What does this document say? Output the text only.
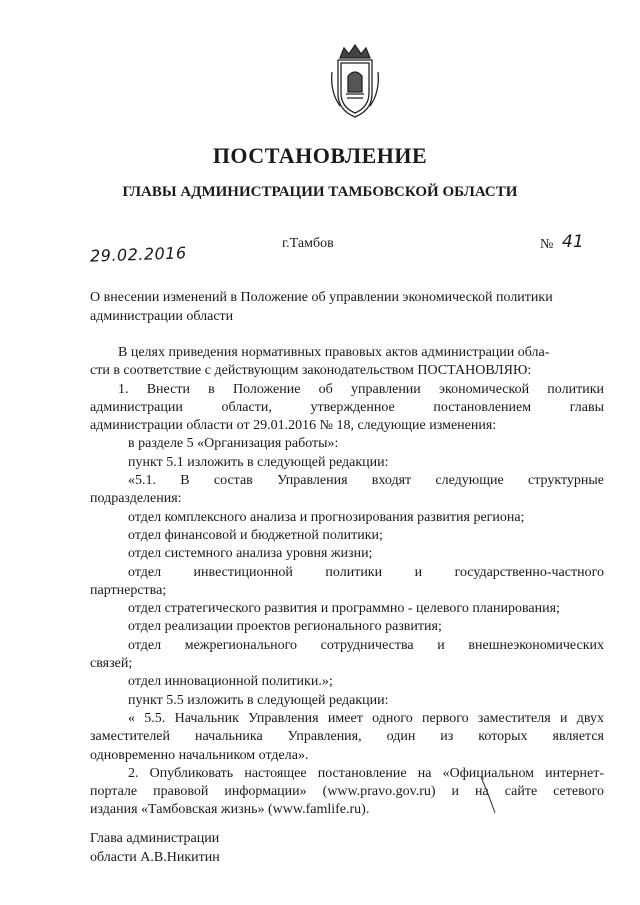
ПОСТАНОВЛЕНИЕ
ГЛАВЫ АДМИНИСТРАЦИИ ТАМБОВСКОЙ ОБЛАСТИ
29.02.2016	г.Тамбов	№ 41
О внесении изменений в Положение об управлении экономической политики администрации области

В целях приведения нормативных правовых актов администрации обла-

сти в соответствие с действующим законодательством ПОСТАНОВЛЯЮ:

1. Внести в Положение об управлении экономической политики

администрации области, утвержденное постановлением главы

администрации области от 29.01.2016 № 18, следующие изменения:

в разделе 5 «Организация работы»:

пункт 5.1 изложить в следующей редакции:

«5.1. В состав Управления входят следующие структурные

подразделения:

отдел комплексного анализа и прогнозирования развития региона;

отдел финансовой и бюджетной политики;

отдел системного анализа уровня жизни;

отдел инвестиционной политики и государственно-частного

партнерства;

отдел стратегического развития и программно - целевого планирования;

отдел реализации проектов регионального развития;

отдел межрегионального сотрудничества и внешнеэкономических

связей;

отдел инновационной политики.»;

пункт 5.5 изложить в следующей редакции:

« 5.5. Начальник Управления имеет одного первого заместителя и двух

заместителей начальника Управления, один из которых является

одновременно начальником отдела».

2. Опубликовать настоящее постановление на «Официальном интернет-

портале правовой информации» (www.pravo.gov.ru) и на сайте сетевого

издания «Тамбовская жизнь» (www.famlife.ru).

Глава администрации
области А.В.Никитин
